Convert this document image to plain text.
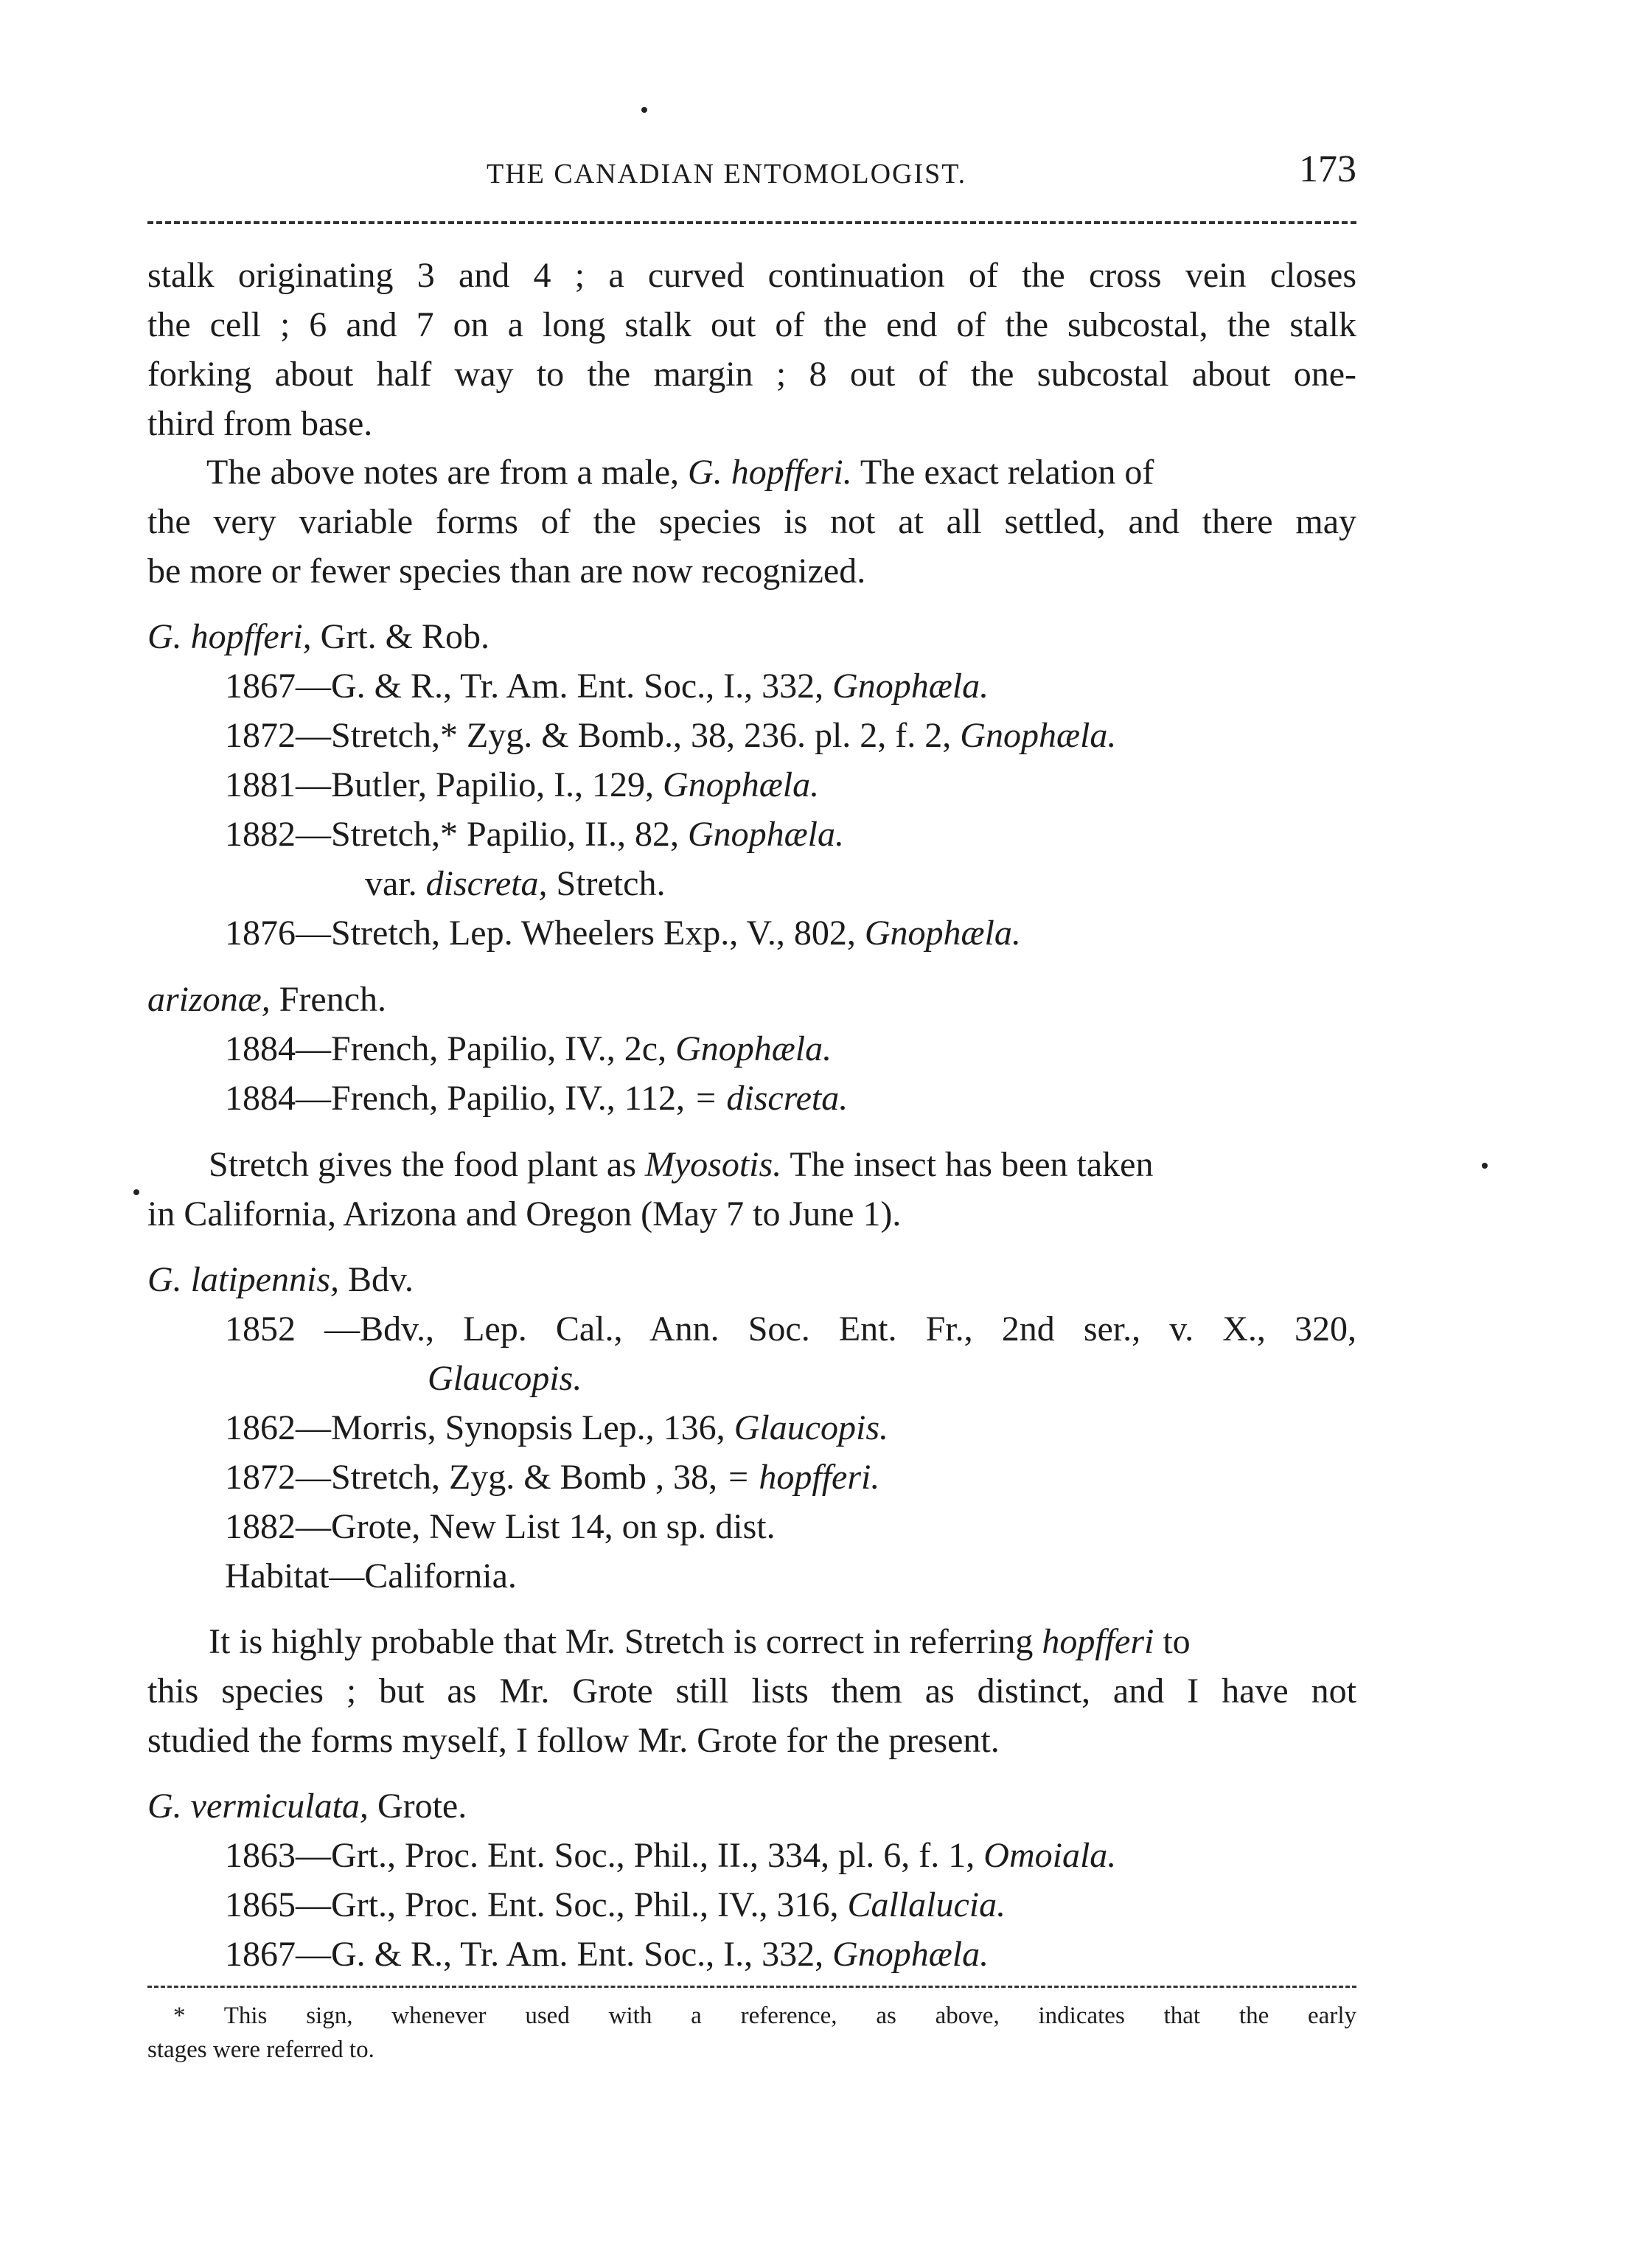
THE CANADIAN ENTOMOLOGIST.	173
stalk originating 3 and 4 ; a curved continuation of the cross vein closes
the cell ; 6 and 7 on a long stalk out of the end of the subcostal, the stalk
forking about half way to the margin ; 8 out of the subcostal about one-
third from base.
The above notes are from a male, G. hopfferi. The exact relation of
the very variable forms of the species is not at all settled, and there may
be more or fewer species than are now recognized.
G. hopfferi, Grt. & Rob.
1867—G. & R., Tr. Am. Ent. Soc., I., 332, Gnophæla.
1872—Stretch,* Zyg. & Bomb., 38, 236. pl. 2, f. 2, Gnophæla.
1881—Butler, Papilio, I., 129, Gnophæla.
1882—Stretch,* Papilio, II., 82, Gnophæla.
var. discreta, Stretch.
1876—Stretch, Lep. Wheelers Exp., V., 802, Gnophæla.
arizonæ, French.
1884—French, Papilio, IV., 2c, Gnophæla.
1884—French, Papilio, IV., 112, = discreta.
Stretch gives the food plant as Myosotis. The insect has been taken
in California, Arizona and Oregon (May 7 to June 1).
G. latipennis, Bdv.
1852 —Bdv., Lep. Cal., Ann. Soc. Ent. Fr., 2nd ser., v. X., 320,
Glaucopis.
1862—Morris, Synopsis Lep., 136, Glaucopis.
1872—Stretch, Zyg. & Bomb , 38, = hopfferi.
1882—Grote, New List 14, on sp. dist.
Habitat—California.
It is highly probable that Mr. Stretch is correct in referring hopfferi to
this species ; but as Mr. Grote still lists them as distinct, and I have not
studied the forms myself, I follow Mr. Grote for the present.
G. vermiculata, Grote.
1863—Grt., Proc. Ent. Soc., Phil., II., 334, pl. 6, f. 1, Omoiala.
1865—Grt., Proc. Ent. Soc., Phil., IV., 316, Callalucia.
1867—G. & R., Tr. Am. Ent. Soc., I., 332, Gnophæla.
* This sign, whenever used with a reference, as above, indicates that the early
stages were referred to.
